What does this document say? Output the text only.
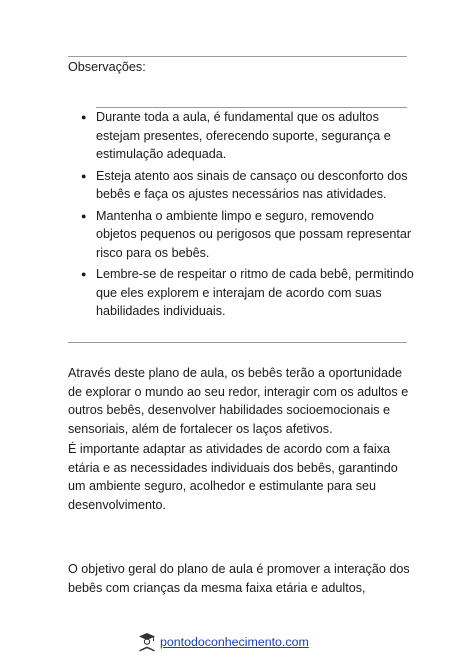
Observações:
● Durante toda a aula, é fundamental que os adultos estejam presentes, oferecendo suporte, segurança e estimulação adequada.
● Esteja atento aos sinais de cansaço ou desconforto dos bebês e faça os ajustes necessários nas atividades.
● Mantenha o ambiente limpo e seguro, removendo objetos pequenos ou perigosos que possam representar risco para os bebês.
● Lembre-se de respeitar o ritmo de cada bebê, permitindo que eles explorem e interajam de acordo com suas habilidades individuais.

Através deste plano de aula, os bebês terão a oportunidade de explorar o mundo ao seu redor, interagir com os adultos e outros bebês, desenvolver habilidades socioemocionais e sensoriais, além de fortalecer os laços afetivos.

É importante adaptar as atividades de acordo com a faixa etária e as necessidades individuais dos bebês, garantindo um ambiente seguro, acolhedor e estimulante para seu desenvolvimento.

O objetivo geral do plano de aula é promover a interação dos bebês com crianças da mesma faixa etária e adultos,

pontodoconhecimento.com
